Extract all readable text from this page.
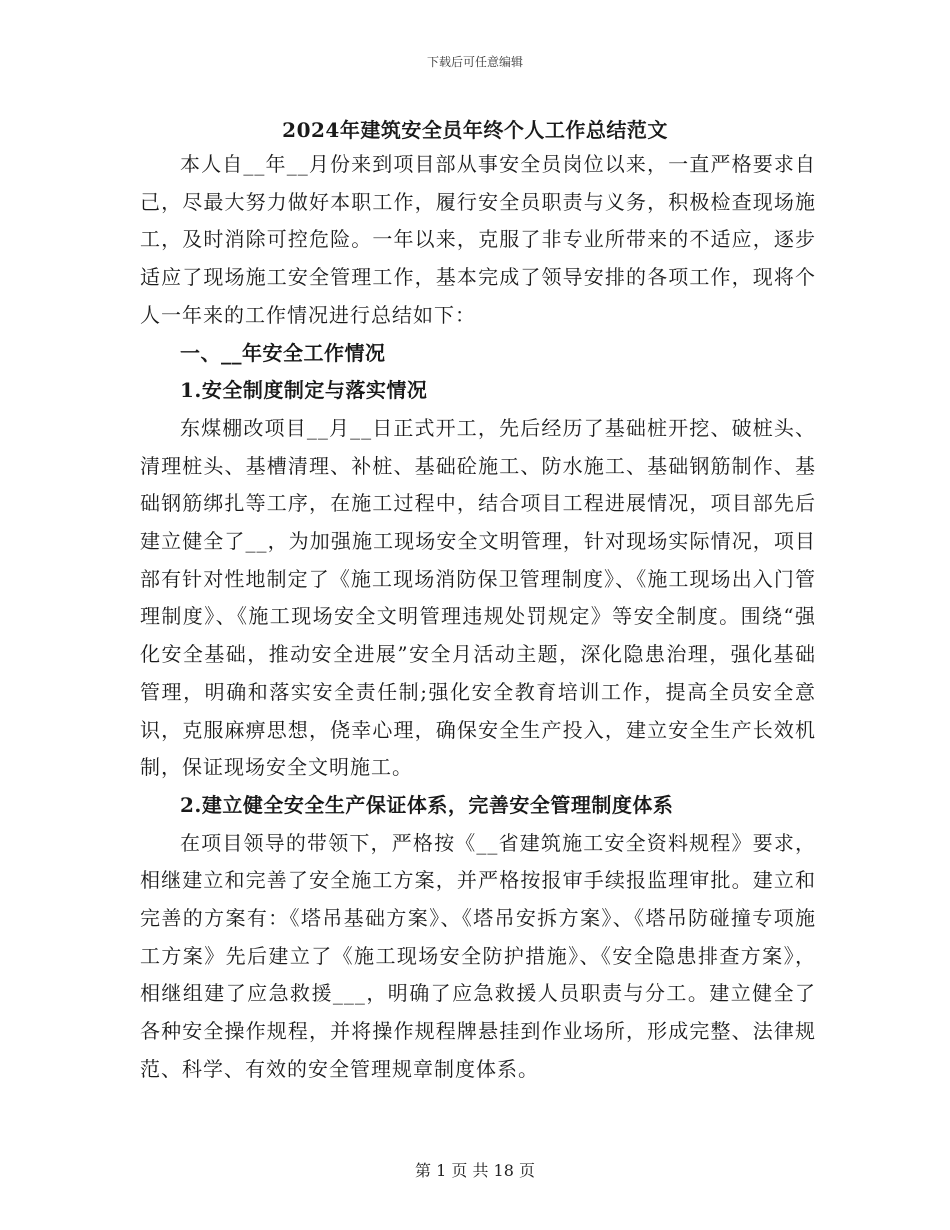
下载后可任意编辑
2024年建筑安全员年终个人工作总结范文

本人自__年__月份来到项目部从事安全员岗位以来，一直严格要求自己，尽最大努力做好本职工作，履行安全员职责与义务，积极检查现场施工，及时消除可控危险。一年以来，克服了非专业所带来的不适应，逐步适应了现场施工安全管理工作，基本完成了领导安排的各项工作，现将个人一年来的工作情况进行总结如下：

一、__年安全工作情况

1.安全制度制定与落实情况

东煤棚改项目__月__日正式开工，先后经历了基础桩开挖、破桩头、清理桩头、基槽清理、补桩、基础砼施工、防水施工、基础钢筋制作、基础钢筋绑扎等工序，在施工过程中，结合项目工程进展情况，项目部先后建立健全了__，为加强施工现场安全文明管理，针对现场实际情况，项目部有针对性地制定了《施工现场消防保卫管理制度》、《施工现场出入门管理制度》、《施工现场安全文明管理违规处罚规定》等安全制度。围绕“强化安全基础，推动安全进展”安全月活动主题，深化隐患治理，强化基础管理，明确和落实安全责任制;强化安全教育培训工作，提高全员安全意识，克服麻痹思想，侥幸心理，确保安全生产投入，建立安全生产长效机制，保证现场安全文明施工。

2.建立健全安全生产保证体系，完善安全管理制度体系

在项目领导的带领下，严格按《__省建筑施工安全资料规程》要求，相继建立和完善了安全施工方案，并严格按报审手续报监理审批。建立和完善的方案有：《塔吊基础方案》、《塔吊安拆方案》、《塔吊防碰撞专项施工方案》先后建立了《施工现场安全防护措施》、《安全隐患排查方案》，相继组建了应急救援___，明确了应急救援人员职责与分工。建立健全了各种安全操作规程，并将操作规程牌悬挂到作业场所，形成完整、法律规范、科学、有效的安全管理规章制度体系。

第 1 页 共 18 页
